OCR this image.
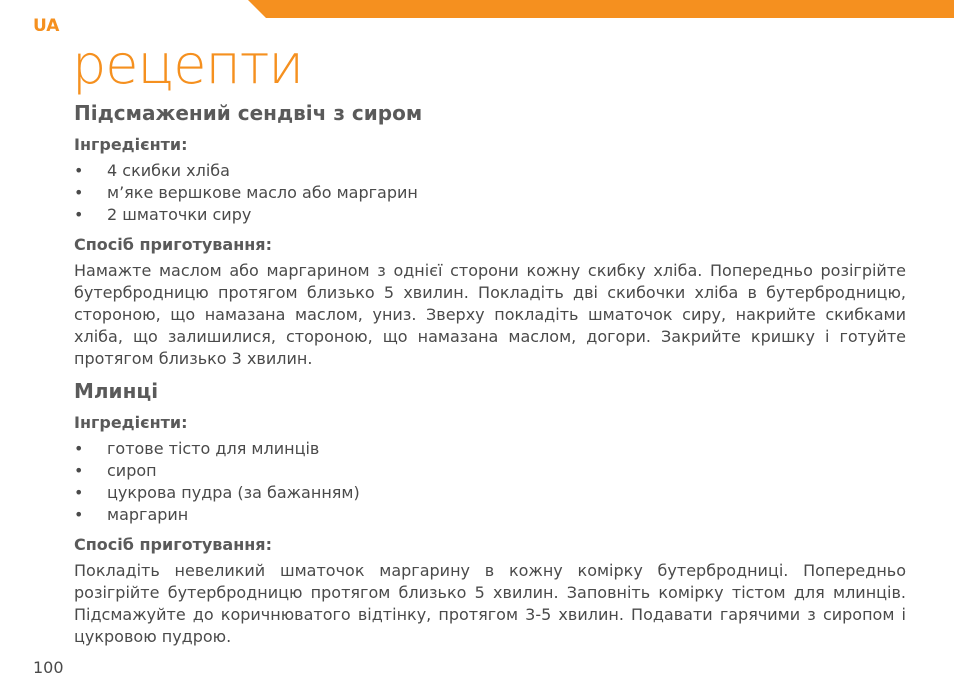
UA
рецепти
Підсмажений сендвіч з сиром
Інгредієнти:
• 4 скибки хліба
• м’яке вершкове масло або маргарин
• 2 шматочки сиру
Спосіб приготування:

Намажте маслом або маргарином з однієї сторони кожну скибку хліба. Попередньо розігрійте бутербродницю протягом близько 5 хвилин. Покладіть дві скибочки хліба в бутербродницю, стороною, що намазана маслом, униз. Зверху покладіть шматочок сиру, накрийте скибками хліба, що залишилися, стороною, що намазана маслом, догори. Закрийте кришку і готуйте протягом близько 3 хвилин.

Млинці
Інгредієнти:
• готове тісто для млинців
• сироп
• цукрова пудра (за бажанням)
• маргарин
Спосіб приготування:

Покладіть невеликий шматочок маргарину в кожну комірку бутербродниці. Попередньо розігрійте бутербродницю протягом близько 5 хвилин. Заповніть комірку тістом для млинців. Підсмажуйте до коричнюватого відтінку, протягом 3-5 хвилин. Подавати гарячими з сиропом і цукровою пудрою.

100
